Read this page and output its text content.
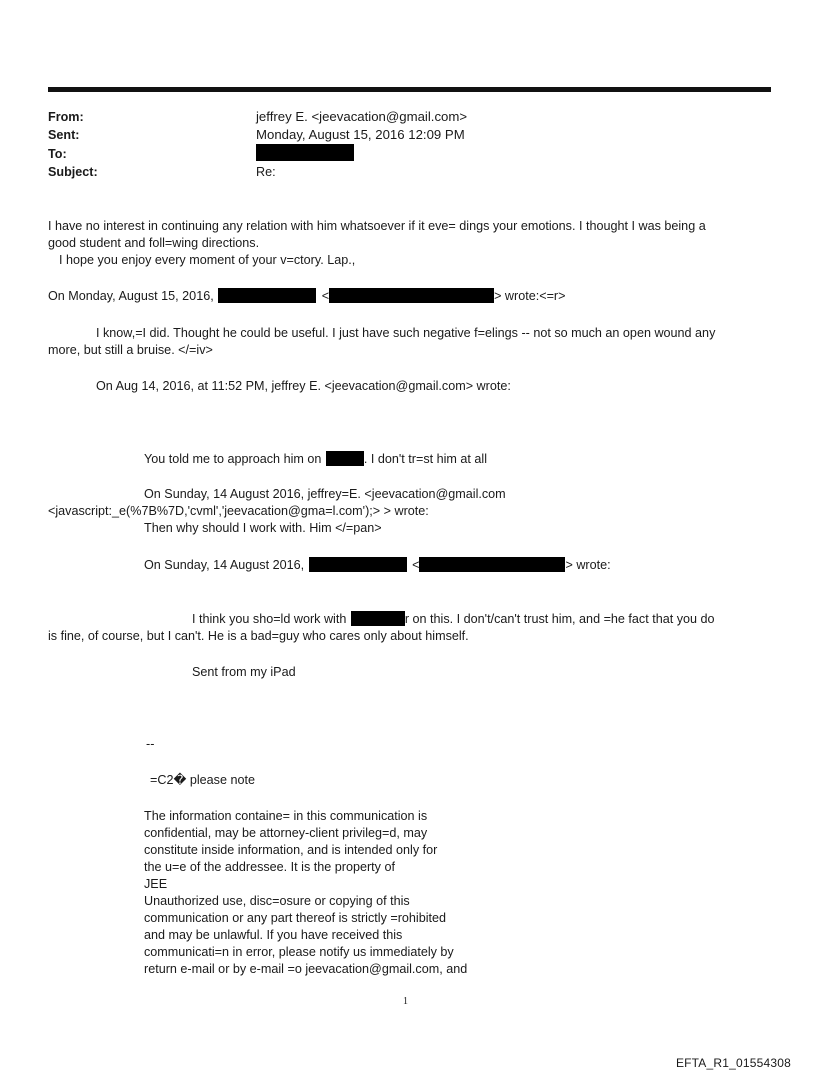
From:	jeffrey E. <jeevacation@gmail.com>
Sent:	Monday, August 15, 2016 12:09 PM
To:
Subject:	Re:
I have no interest in continuing any relation with him whatsoever if it eve= dings your emotions. I thought I was being a
good student and foll=wing directions.
I hope you enjoy every moment of your v=ctory. Lap.,
On Monday, August 15, 2016,	<	> wrote:<=r>
I know,=I did. Thought he could be useful. I just have such negative f=elings -- not so much an open wound any
more, but still a bruise. </=iv>
On Aug 14, 2016, at 11:52 PM, jeffrey E. <jeevacation@gmail.com> wrote:
You told me to approach him on	. I don't tr=st him at all
On Sunday, 14 August 2016, jeffrey=E. <jeevacation@gmail.com
<javascript:_e(%7B%7D,'cvml','jeevacation@gma=l.com');> > wrote:
Then why should I work with. Him </=pan>
On Sunday, 14 August 2016,	<	> wrote:
I think you sho=ld work with	r on this. I don't/can't trust him, and =he fact that you do
is fine, of course, but I can't. He is a bad=guy who cares only about himself.
Sent from my iPad
--
=C2� please note
The information containe= in this communication is
confidential, may be attorney-client privileg=d, may
constitute inside information, and is intended only for
the u=e of the addressee. It is the property of
JEE
Unauthorized use, disc=osure or copying of this
communication or any part thereof is strictly =rohibited
and may be unlawful. If you have received this
communicati=n in error, please notify us immediately by
return e-mail or by e-mail =o jeevacation@gmail.com, and
1
EFTA_R1_01554308
